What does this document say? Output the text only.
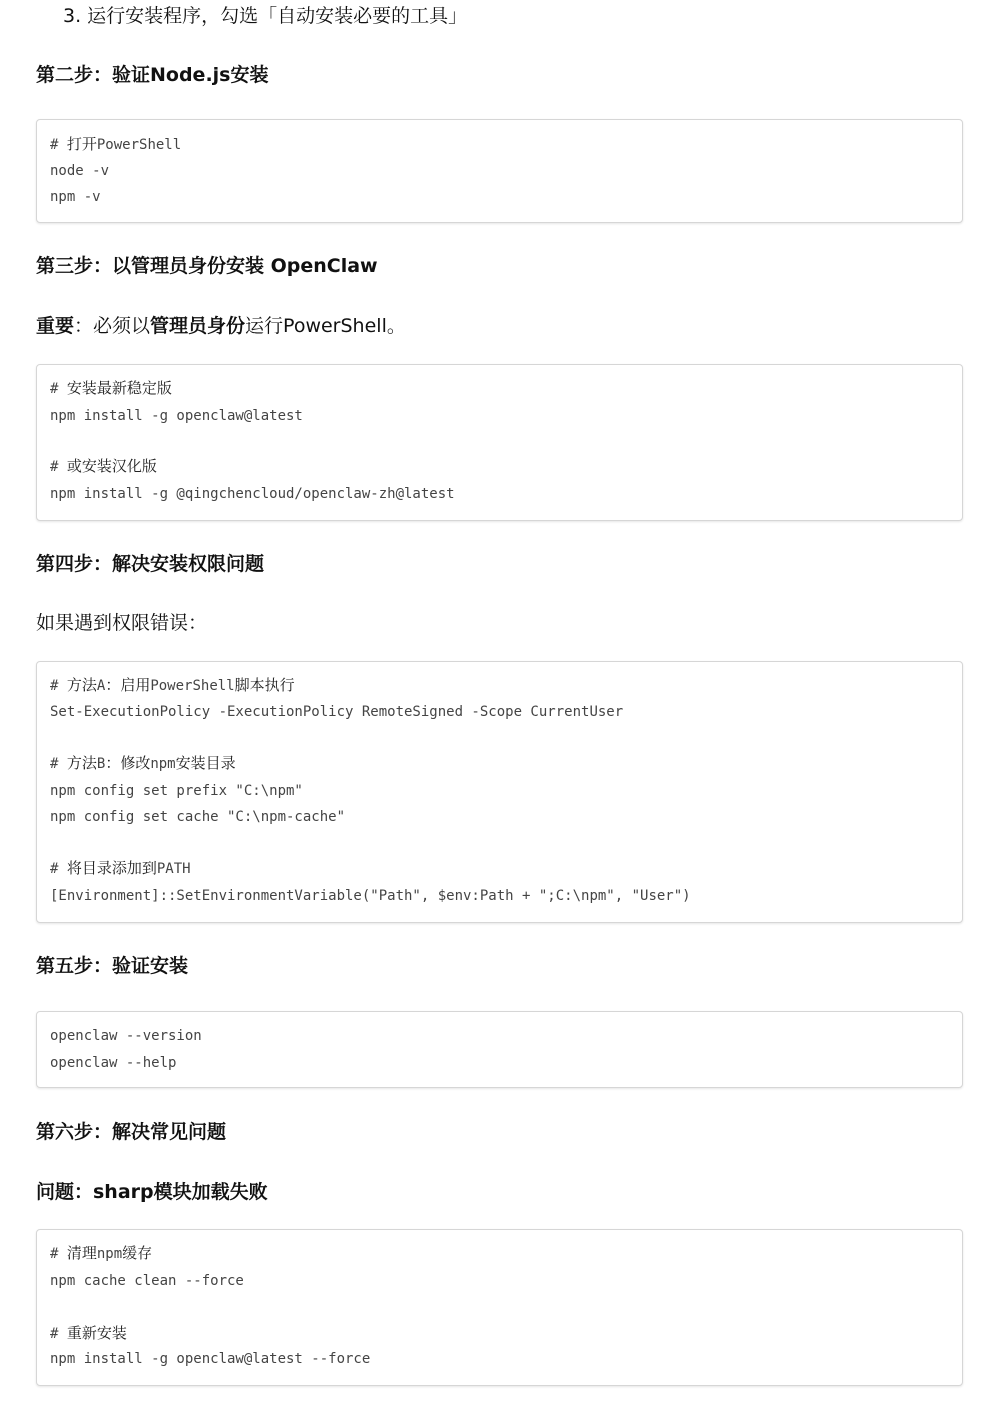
3. 运行安装程序，勾选「自动安装必要的工具」
第二步：验证Node.js安装
# 打开PowerShell
node -v
npm -v
第三步：以管理员身份安装 OpenClaw
重要：必须以管理员身份运行PowerShell。
# 安装最新稳定版
npm install -g openclaw@latest
# 或安装汉化版
npm install -g @qingchencloud/openclaw-zh@latest
第四步：解决安装权限问题
如果遇到权限错误：
# 方法A：启用PowerShell脚本执行
Set-ExecutionPolicy -ExecutionPolicy RemoteSigned -Scope CurrentUser
# 方法B：修改npm安装目录
npm config set prefix "C:\npm"
npm config set cache "C:\npm-cache"
# 将目录添加到PATH
[Environment]::SetEnvironmentVariable("Path", $env:Path + ";C:\npm", "User")
第五步：验证安装
openclaw --version
openclaw --help
第六步：解决常见问题
问题：sharp模块加载失败
# 清理npm缓存
npm cache clean --force
# 重新安装
npm install -g openclaw@latest --force
